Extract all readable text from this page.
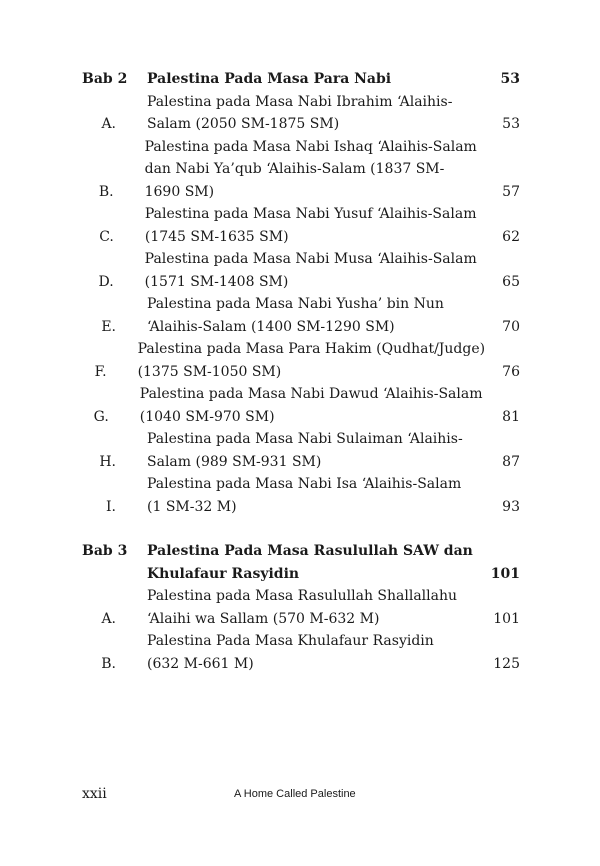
Bab 2	Palestina Pada Masa Para Nabi	53
A.
Palestina pada Masa Nabi Ibrahim ‘Alaihis-
Salam (2050 SM-1875 SM)	53
B.
Palestina pada Masa Nabi Ishaq ‘Alaihis-Salam
dan Nabi Ya’qub ‘Alaihis-Salam (1837 SM-
1690 SM)	57
C.
Palestina pada Masa Nabi Yusuf ‘Alaihis-Salam
(1745 SM-1635 SM)	62
D.
Palestina pada Masa Nabi Musa ‘Alaihis-Salam
(1571 SM-1408 SM)	65
E.
Palestina pada Masa Nabi Yusha’ bin Nun
‘Alaihis-Salam (1400 SM-1290 SM)	70
F.
Palestina pada Masa Para Hakim (Qudhat/Judge)
(1375 SM-1050 SM)	76
G.
Palestina pada Masa Nabi Dawud ‘Alaihis-Salam
(1040 SM-970 SM)	81
H.
Palestina pada Masa Nabi Sulaiman ‘Alaihis-
Salam (989 SM-931 SM)	87
I.
Palestina pada Masa Nabi Isa ‘Alaihis-Salam
(1 SM-32 M)	93
Bab 3	Palestina Pada Masa Rasulullah SAW dan
Khulafaur Rasyidin	101
A.
Palestina pada Masa Rasulullah Shallallahu
‘Alaihi wa Sallam (570 M-632 M)	101
B.
Palestina Pada Masa Khulafaur Rasyidin
(632 M-661 M)	125
xxii	A Home Called Palestine
